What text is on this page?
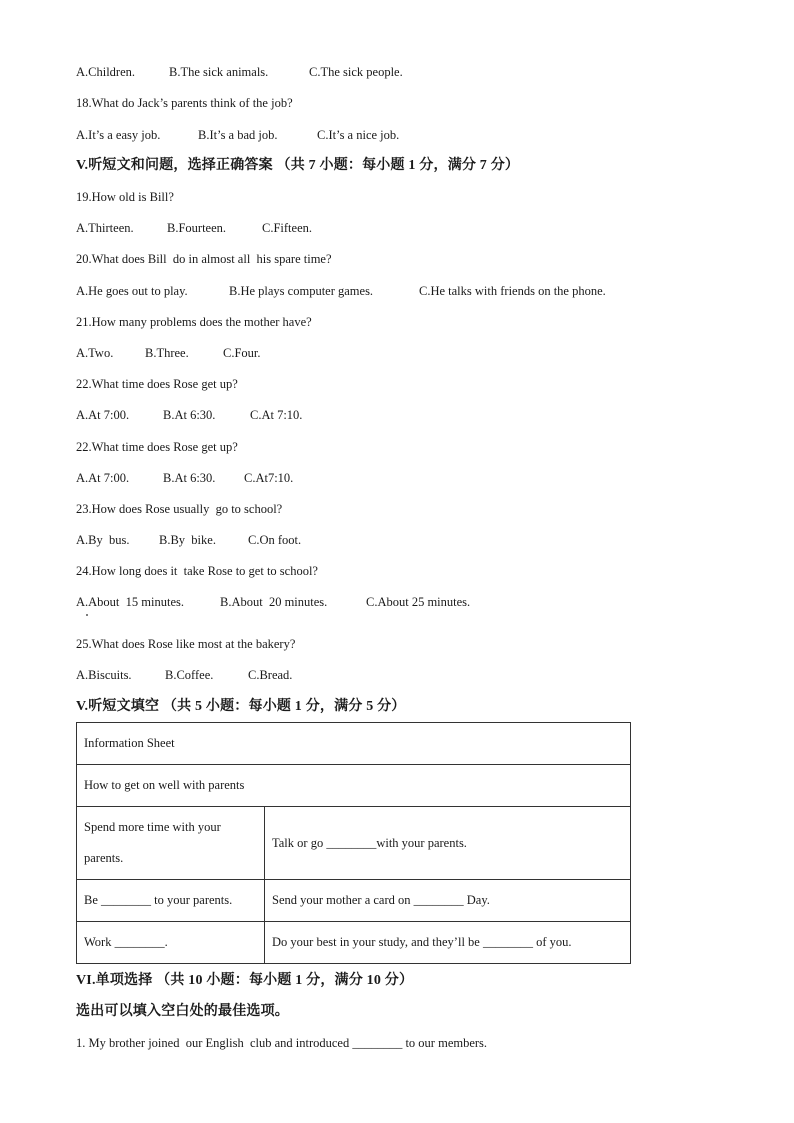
A.Children.	B.The sick animals.	C.The sick people.
18.What do Jack’s parents think of the job?
A.It’s a easy job.	B.It’s a bad job.	C.It’s a nice job.
V.听短文和问题，选择正确答案 （共 7 小题：每小题 1 分，满分 7 分）
19.How old is Bill?
A.Thirteen.	B.Fourteen.	C.Fifteen.
20.What does Bill  do in almost all  his spare time?
A.He goes out to play.	B.He plays computer games.	C.He talks with friends on the phone.
21.How many problems does the mother have?
A.Two.	B.Three.	C.Four.
22.What time does Rose get up?
A.At 7:00.	B.At 6:30.	C.At 7:10.
22.What time does Rose get up?
A.At 7:00.	B.At 6:30. C.At7:10.
23.How does Rose usually  go to school?
A.By  bus. B.By  bike.	C.On foot.
24.How long does it  take Rose to get to school?
A.About  15 minutes.	B.About  20 minutes.	C.About 25 minutes.
25.What does Rose like most at the bakery?
A.Biscuits.	B.Coffee.	C.Bread.
V.听短文填空 （共 5 小题：每小题 1 分，满分 5 分）
Information Sheet	
How to get on well with parents	

Spend more time with your
parents.	Talk or go ________with your parents.
Be ________ to your parents.	Send your mother a card on ________ Day.
Work ________.	Do your best in your study, and they’ll be ________ of you.
VI.单项选择 （共 10 小题：每小题 1 分，满分 10 分）
选出可以填入空白处的最佳选项。
1. My brother joined  our English  club and introduced ________ to our members.
